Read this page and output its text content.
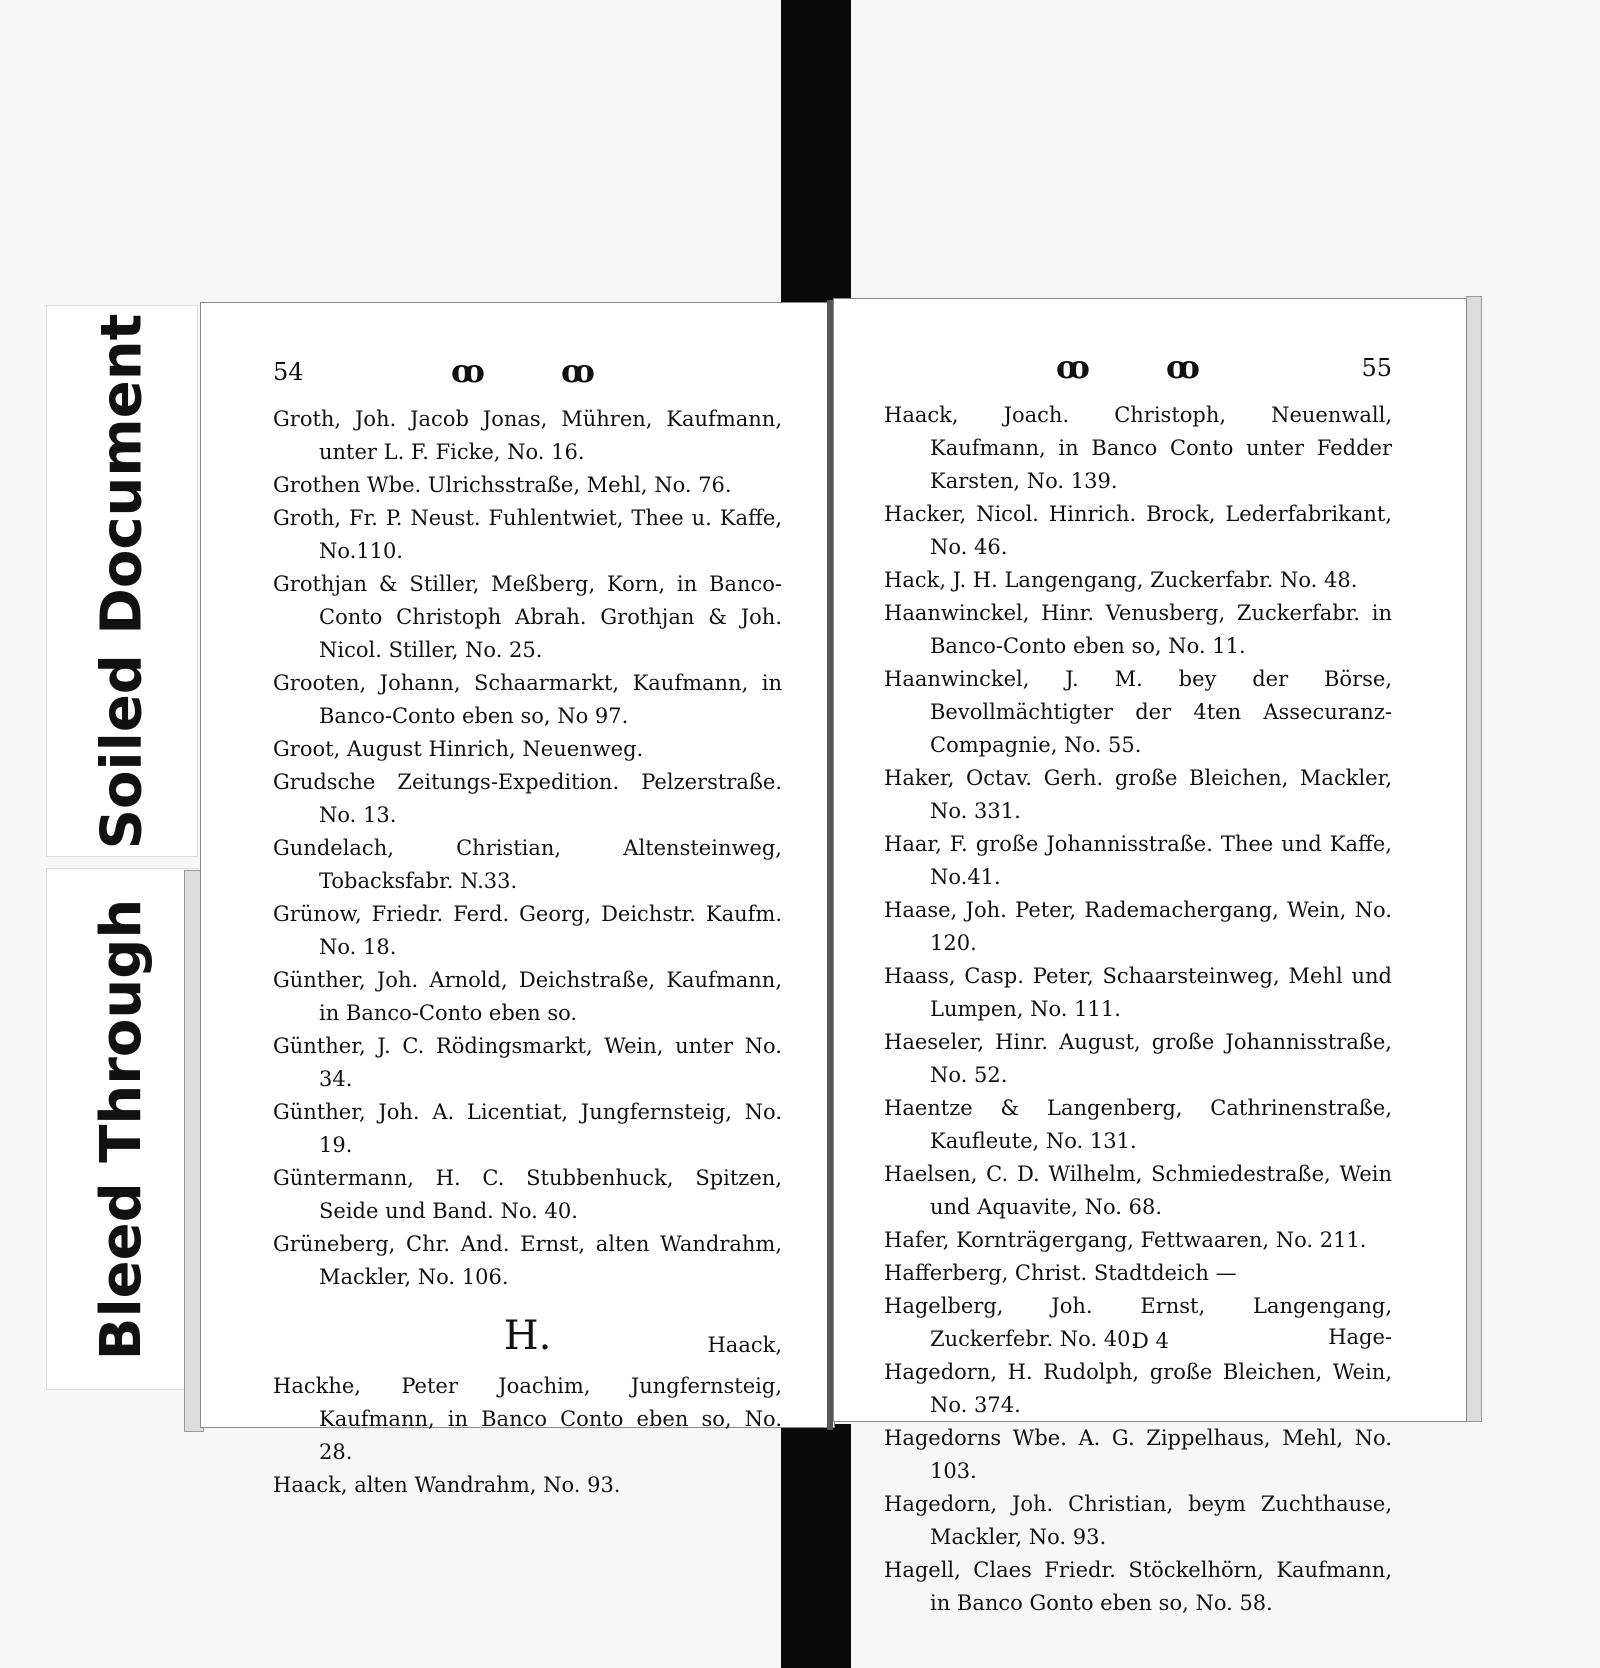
Soiled Document
Bleed Through
54	ꝏ ꝏ
Groth, Joh. Jacob Jonas, Mühren, Kaufmann, unter L. F. Ficke, No. 16.
Grothen Wbe. Ulrichsstraße, Mehl, No. 76.
Groth, Fr. P. Neust. Fuhlentwiet, Thee u. Kaffe, No.110.
Grothjan & Stiller, Meßberg, Korn, in Banco-Conto Christoph Abrah. Grothjan & Joh. Nicol. Stiller, No. 25.
Grooten, Johann, Schaarmarkt, Kaufmann, in Banco-Conto eben so, No 97.
Groot, August Hinrich, Neuenweg.
Grudsche Zeitungs-Expedition. Pelzerstraße. No. 13.
Gundelach, Christian, Altensteinweg, Tobacksfabr. N.33.
Grünow, Friedr. Ferd. Georg, Deichstr. Kaufm. No. 18.
Günther, Joh. Arnold, Deichstraße, Kaufmann, in Banco-Conto eben so.
Günther, J. C. Rödingsmarkt, Wein, unter No. 34.
Günther, Joh. A. Licentiat, Jungfernsteig, No. 19.
Güntermann, H. C. Stubbenhuck, Spitzen, Seide und Band. No. 40.
Grüneberg, Chr. And. Ernst, alten Wandrahm, Mackler, No. 106.
H.
Hackhe, Peter Joachim, Jungfernsteig, Kaufmann, in Banco Conto eben so, No. 28.
Haack, alten Wandrahm, No. 93.
Haack,
ꝏ ꝏ	55
Haack, Joach. Christoph, Neuenwall, Kaufmann, in Banco Conto unter Fedder Karsten, No. 139.
Hacker, Nicol. Hinrich. Brock, Lederfabrikant, No. 46.
Hack, J. H. Langengang, Zuckerfabr. No. 48.
Haanwinckel, Hinr. Venusberg, Zuckerfabr. in Banco-Conto eben so, No. 11.
Haanwinckel, J. M. bey der Börse, Bevollmächtigter der 4ten Assecuranz-Compagnie, No. 55.
Haker, Octav. Gerh. große Bleichen, Mackler, No. 331.
Haar, F. große Johannisstraße. Thee und Kaffe, No.41.
Haase, Joh. Peter, Rademachergang, Wein, No. 120.
Haass, Casp. Peter, Schaarsteinweg, Mehl und Lumpen, No. 111.
Haeseler, Hinr. August, große Johannisstraße, No. 52.
Haentze & Langenberg, Cathrinenstraße, Kaufleute, No. 131.
Haelsen, C. D. Wilhelm, Schmiedestraße, Wein und Aquavite, No. 68.
Hafer, Kornträgergang, Fettwaaren, No. 211.
Hafferberg, Christ. Stadtdeich —
Hagelberg, Joh. Ernst, Langengang, Zuckerfebr. No. 40.
Hagedorn, H. Rudolph, große Bleichen, Wein, No. 374.
Hagedorns Wbe. A. G. Zippelhaus, Mehl, No. 103.
Hagedorn, Joh. Christian, beym Zuchthause, Mackler, No. 93.
Hagell, Claes Friedr. Stöckelhörn, Kaufmann, in Banco Gonto eben so, No. 58.
D 4	Hage-
